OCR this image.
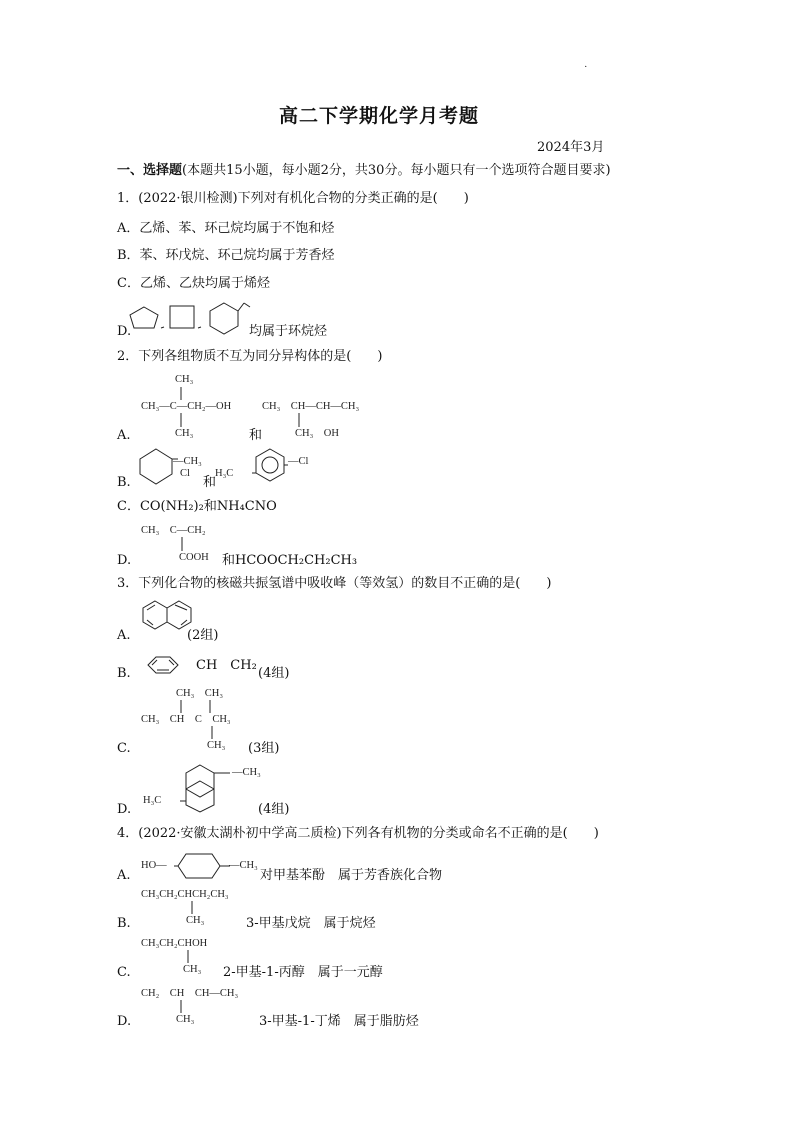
·
高二下学期化学月考题
2024年3月
一、选择题(本题共15小题，每小题2分，共30分。每小题只有一个选项符合题目要求)
1．(2022·银川检测)下列对有机化合物的分类正确的是(　　)
A．乙烯、苯、环己烷均属于不饱和烃
B．苯、环戊烷、环己烷均属于芳香烃
C．乙烯、乙炔均属于烯烃
D.	均属于环烷烃
2．下列各组物质不互为同分异构体的是(　　)
CH₃
CH₃—C—CH₂—OH
CH₃
CH₃　CH—CH—CH₃
CH₃　OH
A.	和
—CH₃
Cl
B.	和
H₃C
—Cl
C．CO(NH₂)₂和NH₄CNO
CH₃　C—CH₂
D.	COOH 和HCOOCH₂CH₂CH₃
3．下列化合物的核磁共振氢谱中吸收峰（等效氢）的数目不正确的是(　　)
A.	(2组)
B.
CH　CH₂
(4组)
CH₃　CH₃
CH₃　CH　C　CH₃
CH₃
C.	(3组)
—CH₃
D.
H₃C
(4组)
4．(2022·安徽太湖朴初中学高二质检)下列各有机物的分类或命名不正确的是(　　)
HO—	—CH₃
A.	对甲基苯酚　属于芳香族化合物
CH₃CH₂CHCH₂CH₃
CH₃
B.	3-甲基戊烷　属于烷烃
CH₃CH₂CHOH
CH₃
C.	2-甲基-1-丙醇　属于一元醇
CH₂　CH　CH—CH₃
CH₃
D.	3-甲基-1-丁烯　属于脂肪烃
